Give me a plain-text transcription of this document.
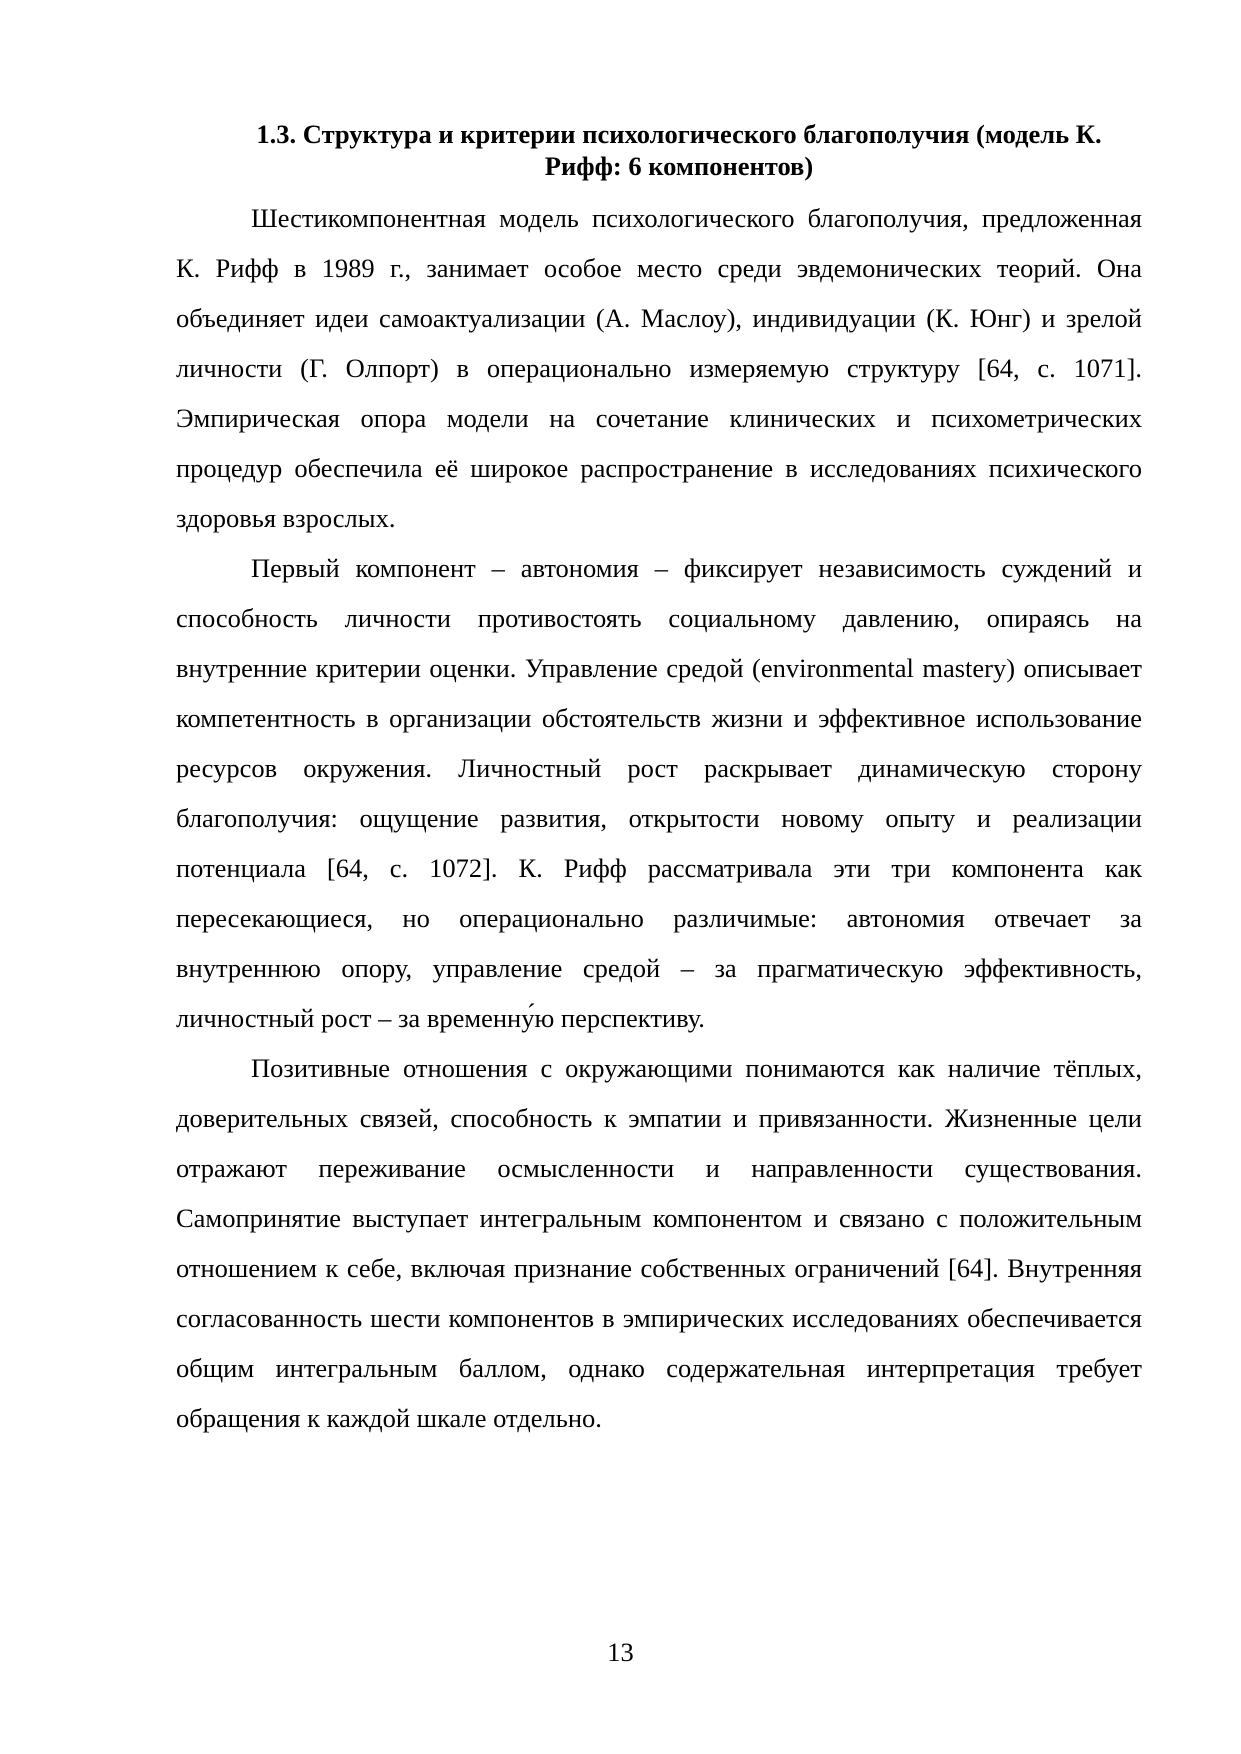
1.3. Структура и критерии психологического благополучия (модель К. Рифф: 6 компонентов)

Шестикомпонентная модель психологического благополучия, предложенная К. Рифф в 1989 г., занимает особое место среди эвдемонических теорий. Она объединяет идеи самоактуализации (А. Маслоу), индивидуации (К. Юнг) и зрелой личности (Г. Олпорт) в операционально измеряемую структуру [64, с. 1071]. Эмпирическая опора модели на сочетание клинических и психометрических процедур обеспечила её широкое распространение в исследованиях психического здоровья взрослых.

Первый компонент – автономия – фиксирует независимость суждений и способность личности противостоять социальному давлению, опираясь на внутренние критерии оценки. Управление средой (environmental mastery) описывает компетентность в организации обстоятельств жизни и эффективное использование ресурсов окружения. Личностный рост раскрывает динамическую сторону благополучия: ощущение развития, открытости новому опыту и реализации потенциала [64, с. 1072]. К. Рифф рассматривала эти три компонента как пересекающиеся, но операционально различимые: автономия отвечает за внутреннюю опору, управление средой – за прагматическую эффективность, личностный рост – за временну́ю перспективу.

Позитивные отношения с окружающими понимаются как наличие тёплых, доверительных связей, способность к эмпатии и привязанности. Жизненные цели отражают переживание осмысленности и направленности существования. Самопринятие выступает интегральным компонентом и связано с положительным отношением к себе, включая признание собственных ограничений [64]. Внутренняя согласованность шести компонентов в эмпирических исследованиях обеспечивается общим интегральным баллом, однако содержательная интерпретация требует обращения к каждой шкале отдельно.

13
